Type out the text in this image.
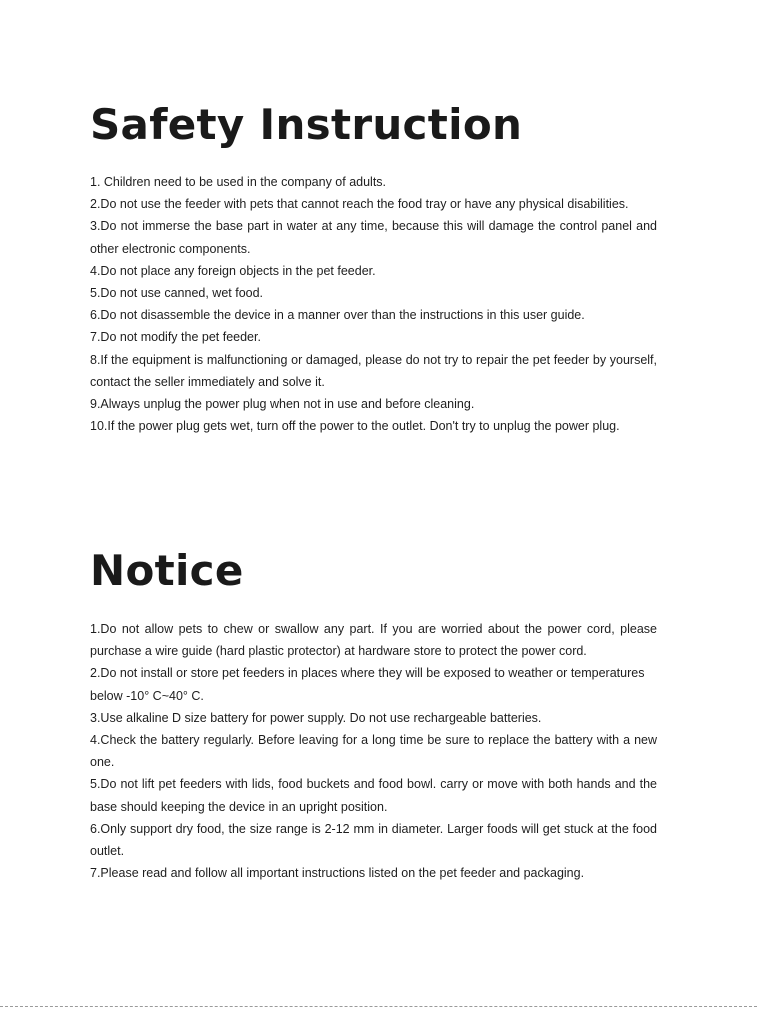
Safety Instruction
1. Children need to be used in the company of adults.
2.Do not use the feeder with pets that cannot reach the food tray or have any physical disabilities.
3.Do not immerse the base part in water at any time, because this will damage the control panel and other electronic components.
4.Do not place any foreign objects in the pet feeder.
5.Do not use canned, wet food.
6.Do not disassemble the device in a manner over than the instructions in this user guide.
7.Do not modify the pet feeder.
8.If the equipment is malfunctioning or damaged, please do not try to repair the pet feeder by yourself, contact the seller immediately and solve it.
9.Always unplug the power plug when not in use and before cleaning.
10.If the power plug gets wet, turn off the power to the outlet. Don't try to unplug the power plug.
Notice
1.Do not allow pets to chew or swallow any part. If you are worried about the power cord, please purchase a wire guide (hard plastic protector) at hardware store to protect the power cord.
2.Do not install or store pet feeders in places where they will be exposed to weather or temperatures below -10° C~40° C.
3.Use alkaline D size battery for power supply. Do not use rechargeable batteries.
4.Check the battery regularly. Before leaving for a long time be sure to replace the battery with a new one.
5.Do not lift pet feeders with lids, food buckets and food bowl. carry or move with both hands and the base should keeping the device in an upright position.
6.Only support dry food, the size range is 2-12 mm in diameter. Larger foods will get stuck at the food outlet.
7.Please read and follow all important instructions listed on the pet feeder and packaging.
